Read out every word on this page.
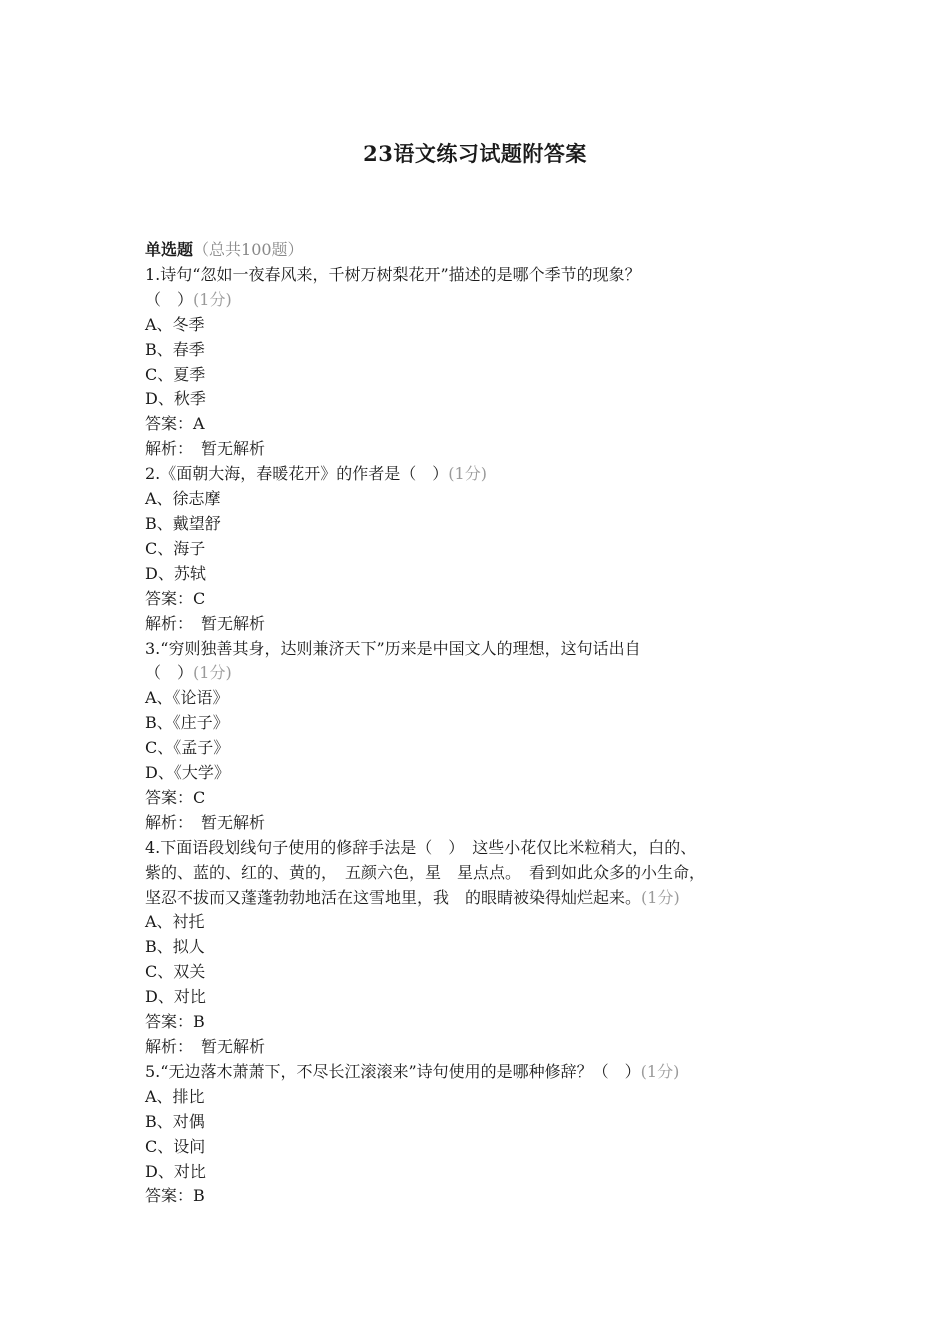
23语文练习试题附答案
单选题（总共100题）
1.诗句“忽如一夜春风来，千树万树梨花开”描述的是哪个季节的现象？
（　）(1分)
A、冬季
B、春季
C、夏季
D、秋季
答案：A
解析：　暂无解析
2.《面朝大海，春暖花开》的作者是（　）(1分)
A、徐志摩
B、戴望舒
C、海子
D、苏轼
答案：C
解析：　暂无解析
3.“穷则独善其身，达则兼济天下”历来是中国文人的理想，这句话出自
（　）(1分)
A、《论语》
B、《庄子》
C、《孟子》
D、《大学》
答案：C
解析：　暂无解析
4.下面语段划线句子使用的修辞手法是（　）　这些小花仅比米粒稍大，白的、
紫的、蓝的、红的、黄的，　五颜六色，星　星点点。　看到如此众多的小生命，
坚忍不拔而又蓬蓬勃勃地活在这雪地里，我　的眼睛被染得灿烂起来。(1分)
A、衬托
B、拟人
C、双关
D、对比
答案：B
解析：　暂无解析
5.“无边落木萧萧下，不尽长江滚滚来”诗句使用的是哪种修辞？（　）(1分)
A、排比
B、对偶
C、设问
D、对比
答案：B
